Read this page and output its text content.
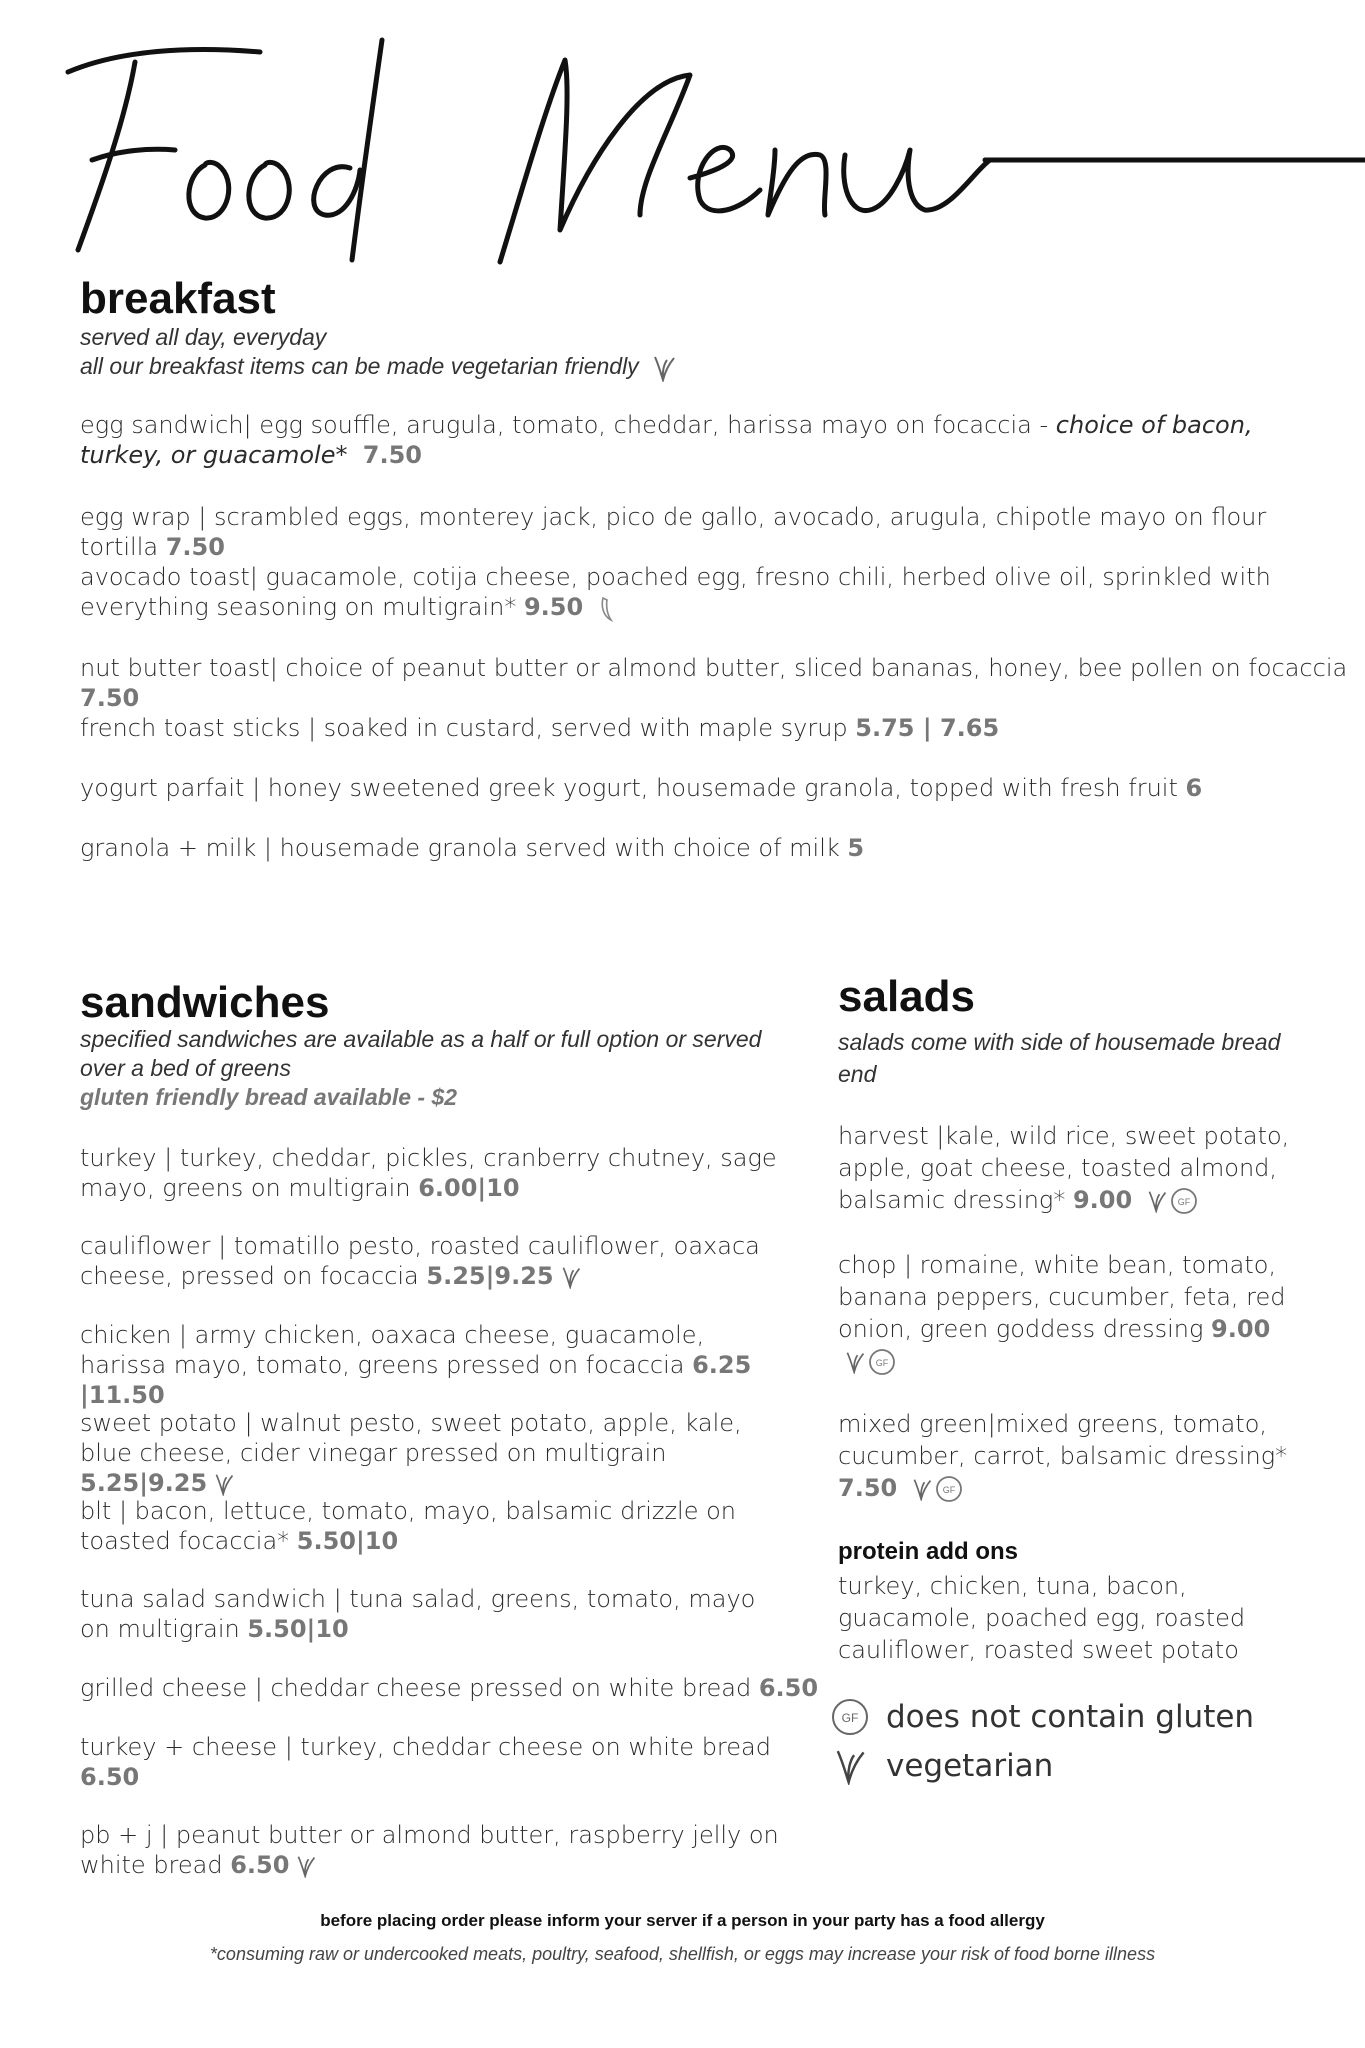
breakfast
served all day, everyday
all our breakfast items can be made vegetarian friendly
egg sandwich| egg souffle, arugula, tomato, cheddar, harissa mayo on focaccia - choice of bacon, turkey, or guacamole* 7.50
egg wrap | scrambled eggs, monterey jack, pico de gallo, avocado, arugula, chipotle mayo on flour tortilla 7.50
avocado toast| guacamole, cotija cheese, poached egg, fresno chili, herbed olive oil, sprinkled with everything seasoning on multigrain* 9.50
nut butter toast| choice of peanut butter or almond butter, sliced bananas, honey, bee pollen on focaccia 7.50
french toast sticks | soaked in custard, served with maple syrup 5.75 | 7.65
yogurt parfait | honey sweetened greek yogurt, housemade granola, topped with fresh fruit 6
granola + milk | housemade granola served with choice of milk 5
sandwiches
specified sandwiches are available as a half or full option or served over a bed of greens
gluten friendly bread available - $2
turkey | turkey, cheddar, pickles, cranberry chutney, sage mayo, greens on multigrain 6.00|10
cauliflower | tomatillo pesto, roasted cauliflower, oaxaca cheese, pressed on focaccia 5.25|9.25
chicken | army chicken, oaxaca cheese, guacamole, harissa mayo, tomato, greens pressed on focaccia 6.25 |11.50
sweet potato | walnut pesto, sweet potato, apple, kale, blue cheese, cider vinegar pressed on multigrain 5.25|9.25
blt | bacon, lettuce, tomato, mayo, balsamic drizzle on toasted focaccia* 5.50|10
tuna salad sandwich | tuna salad, greens, tomato, mayo on multigrain 5.50|10
grilled cheese | cheddar cheese pressed on white bread 6.50
turkey + cheese | turkey, cheddar cheese on white bread 6.50
pb + j | peanut butter or almond butter, raspberry jelly on white bread 6.50
salads
salads come with side of housemade bread end
harvest |kale, wild rice, sweet potato, apple, goat cheese, toasted almond, balsamic dressing* 9.00	GF
chop | romaine, white bean, tomato, banana peppers, cucumber, feta, red onion, green goddess dressing 9.00
GF
mixed green|mixed greens, tomato, cucumber, carrot, balsamic dressing* 7.50	GF
protein add ons
turkey, chicken, tuna, bacon, guacamole, poached egg, roasted cauliflower, roasted sweet potato
GF does not contain gluten
vegetarian
before placing order please inform your server if a person in your party has a food allergy
*consuming raw or undercooked meats, poultry, seafood, shellfish, or eggs may increase your risk of food borne illness
